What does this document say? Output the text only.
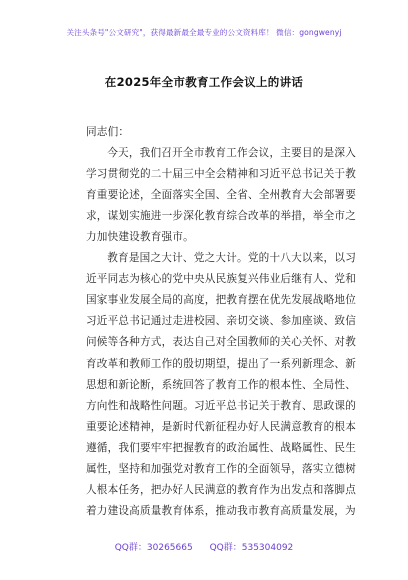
关注头条号"公文研究"，获得最新最全最专业的公文资料库！ 微信：gongwenyj
在2025年全市教育工作会议上的讲话

同志们：

今天，我们召开全市教育工作会议，主要目的是深入学习贯彻党的二十届三中全会精神和习近平总书记关于教育重要论述，全面落实全国、全省、全州教育大会部署要求，谋划实施进一步深化教育综合改革的举措，举全市之力加快建设教育强市。

教育是国之大计、党之大计。党的十八大以来，以习近平同志为核心的党中央从民族复兴伟业后继有人、党和国家事业发展全局的高度，把教育摆在优先发展战略地位习近平总书记通过走进校园、亲切交谈、参加座谈、致信问候等各种方式，表达自己对全国教师的关心关怀、对教育改革和教师工作的殷切期望，提出了一系列新理念、新思想和新论断，系统回答了教育工作的根本性、全局性、方向性和战略性问题。习近平总书记关于教育、思政课的重要论述精神，是新时代新征程办好人民满意教育的根本遵循，我们要牢牢把握教育的政治属性、战略属性、民生属性，坚持和加强党对教育工作的全面领导，落实立德树人根本任务，把办好人民满意的教育作为出发点和落脚点着力建设高质量教育体系，推动我市教育高质量发展，为

QQ群：30265665 QQ群：535304092
